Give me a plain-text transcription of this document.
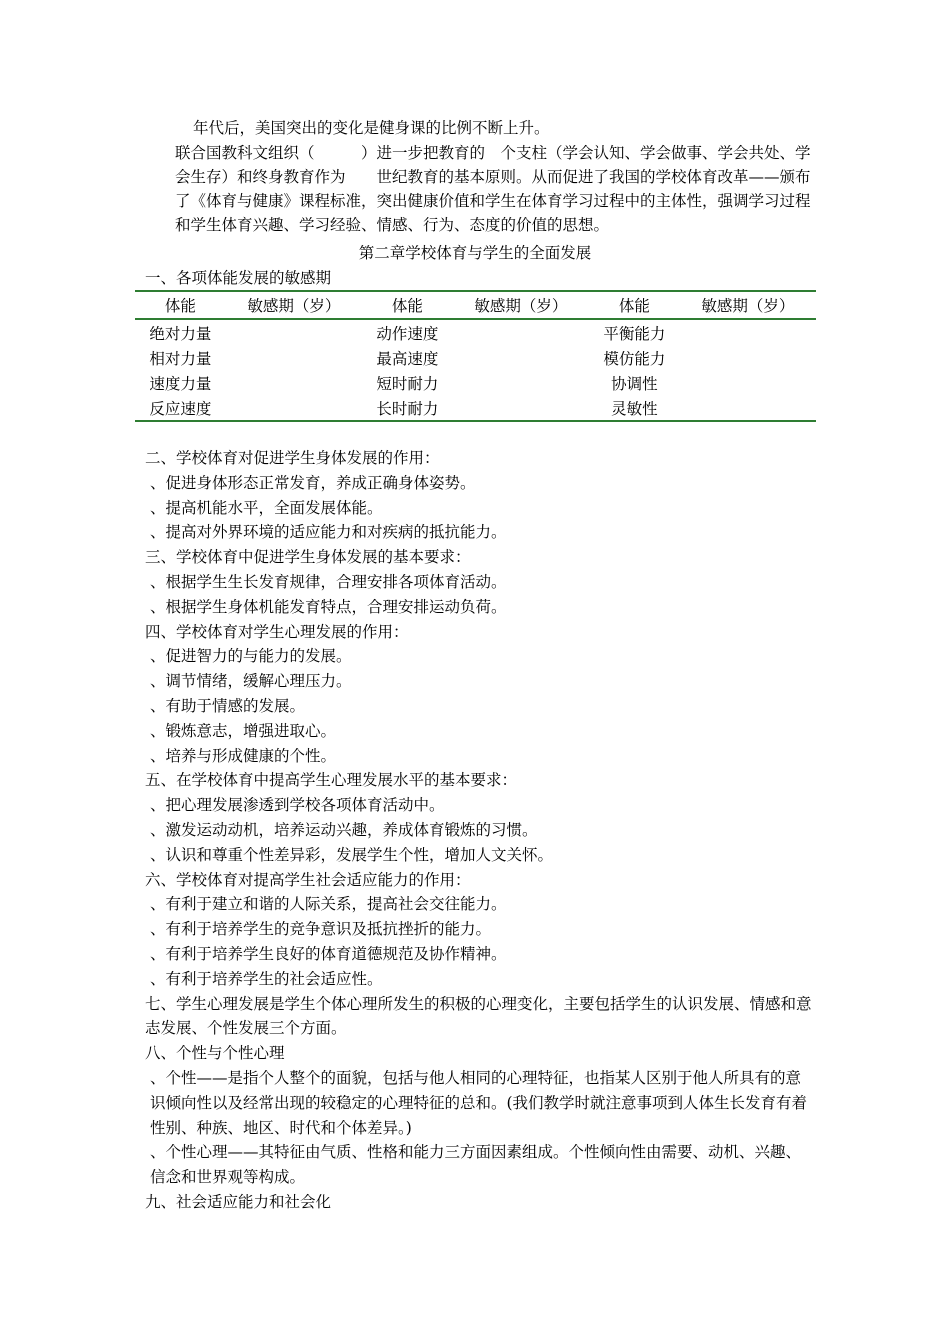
年代后，美国突出的变化是健身课的比例不断上升。
联合国教科文组织（　　　）进一步把教育的　个支柱（学会认知、学会做事、学会共处、学会生存）和终身教育作为　　世纪教育的基本原则。从而促进了我国的学校体育改革——颁布了《体育与健康》课程标准，突出健康价值和学生在体育学习过程中的主体性，强调学习过程和学生体育兴趣、学习经验、情感、行为、态度的价值的思想。
第二章学校体育与学生的全面发展
一、各项体能发展的敏感期
体能	敏感期（岁）	体能	敏感期（岁）	体能	敏感期（岁）
绝对力量		动作速度		平衡能力	
相对力量		最高速度		模仿能力	
速度力量		短时耐力		协调性	
反应速度		长时耐力		灵敏性	

二、学校体育对促进学生身体发展的作用：

、促进身体形态正常发育，养成正确身体姿势。

、提高机能水平，全面发展体能。

、提高对外界环境的适应能力和对疾病的抵抗能力。

三、学校体育中促进学生身体发展的基本要求：

、根据学生生长发育规律，合理安排各项体育活动。

、根据学生身体机能发育特点，合理安排运动负荷。

四、学校体育对学生心理发展的作用：

、促进智力的与能力的发展。

、调节情绪，缓解心理压力。

、有助于情感的发展。

、锻炼意志，增强进取心。

、培养与形成健康的个性。

五、在学校体育中提高学生心理发展水平的基本要求：

、把心理发展渗透到学校各项体育活动中。

、激发运动动机，培养运动兴趣，养成体育锻炼的习惯。

、认识和尊重个性差异彩，发展学生个性，增加人文关怀。

六、学校体育对提高学生社会适应能力的作用：

、有利于建立和谐的人际关系，提高社会交往能力。

、有利于培养学生的竞争意识及抵抗挫折的能力。

、有利于培养学生良好的体育道德规范及协作精神。

、有利于培养学生的社会适应性。

七、学生心理发展是学生个体心理所发生的积极的心理变化，主要包括学生的认识发展、情感和意志发展、个性发展三个方面。

八、个性与个性心理

、个性——是指个人整个的面貌，包括与他人相同的心理特征，也指某人区别于他人所具有的意识倾向性以及经常出现的较稳定的心理特征的总和。(我们教学时就注意事项到人体生长发育有着性别、种族、地区、时代和个体差异。)

、个性心理——其特征由气质、性格和能力三方面因素组成。个性倾向性由需要、动机、兴趣、信念和世界观等构成。

九、社会适应能力和社会化
